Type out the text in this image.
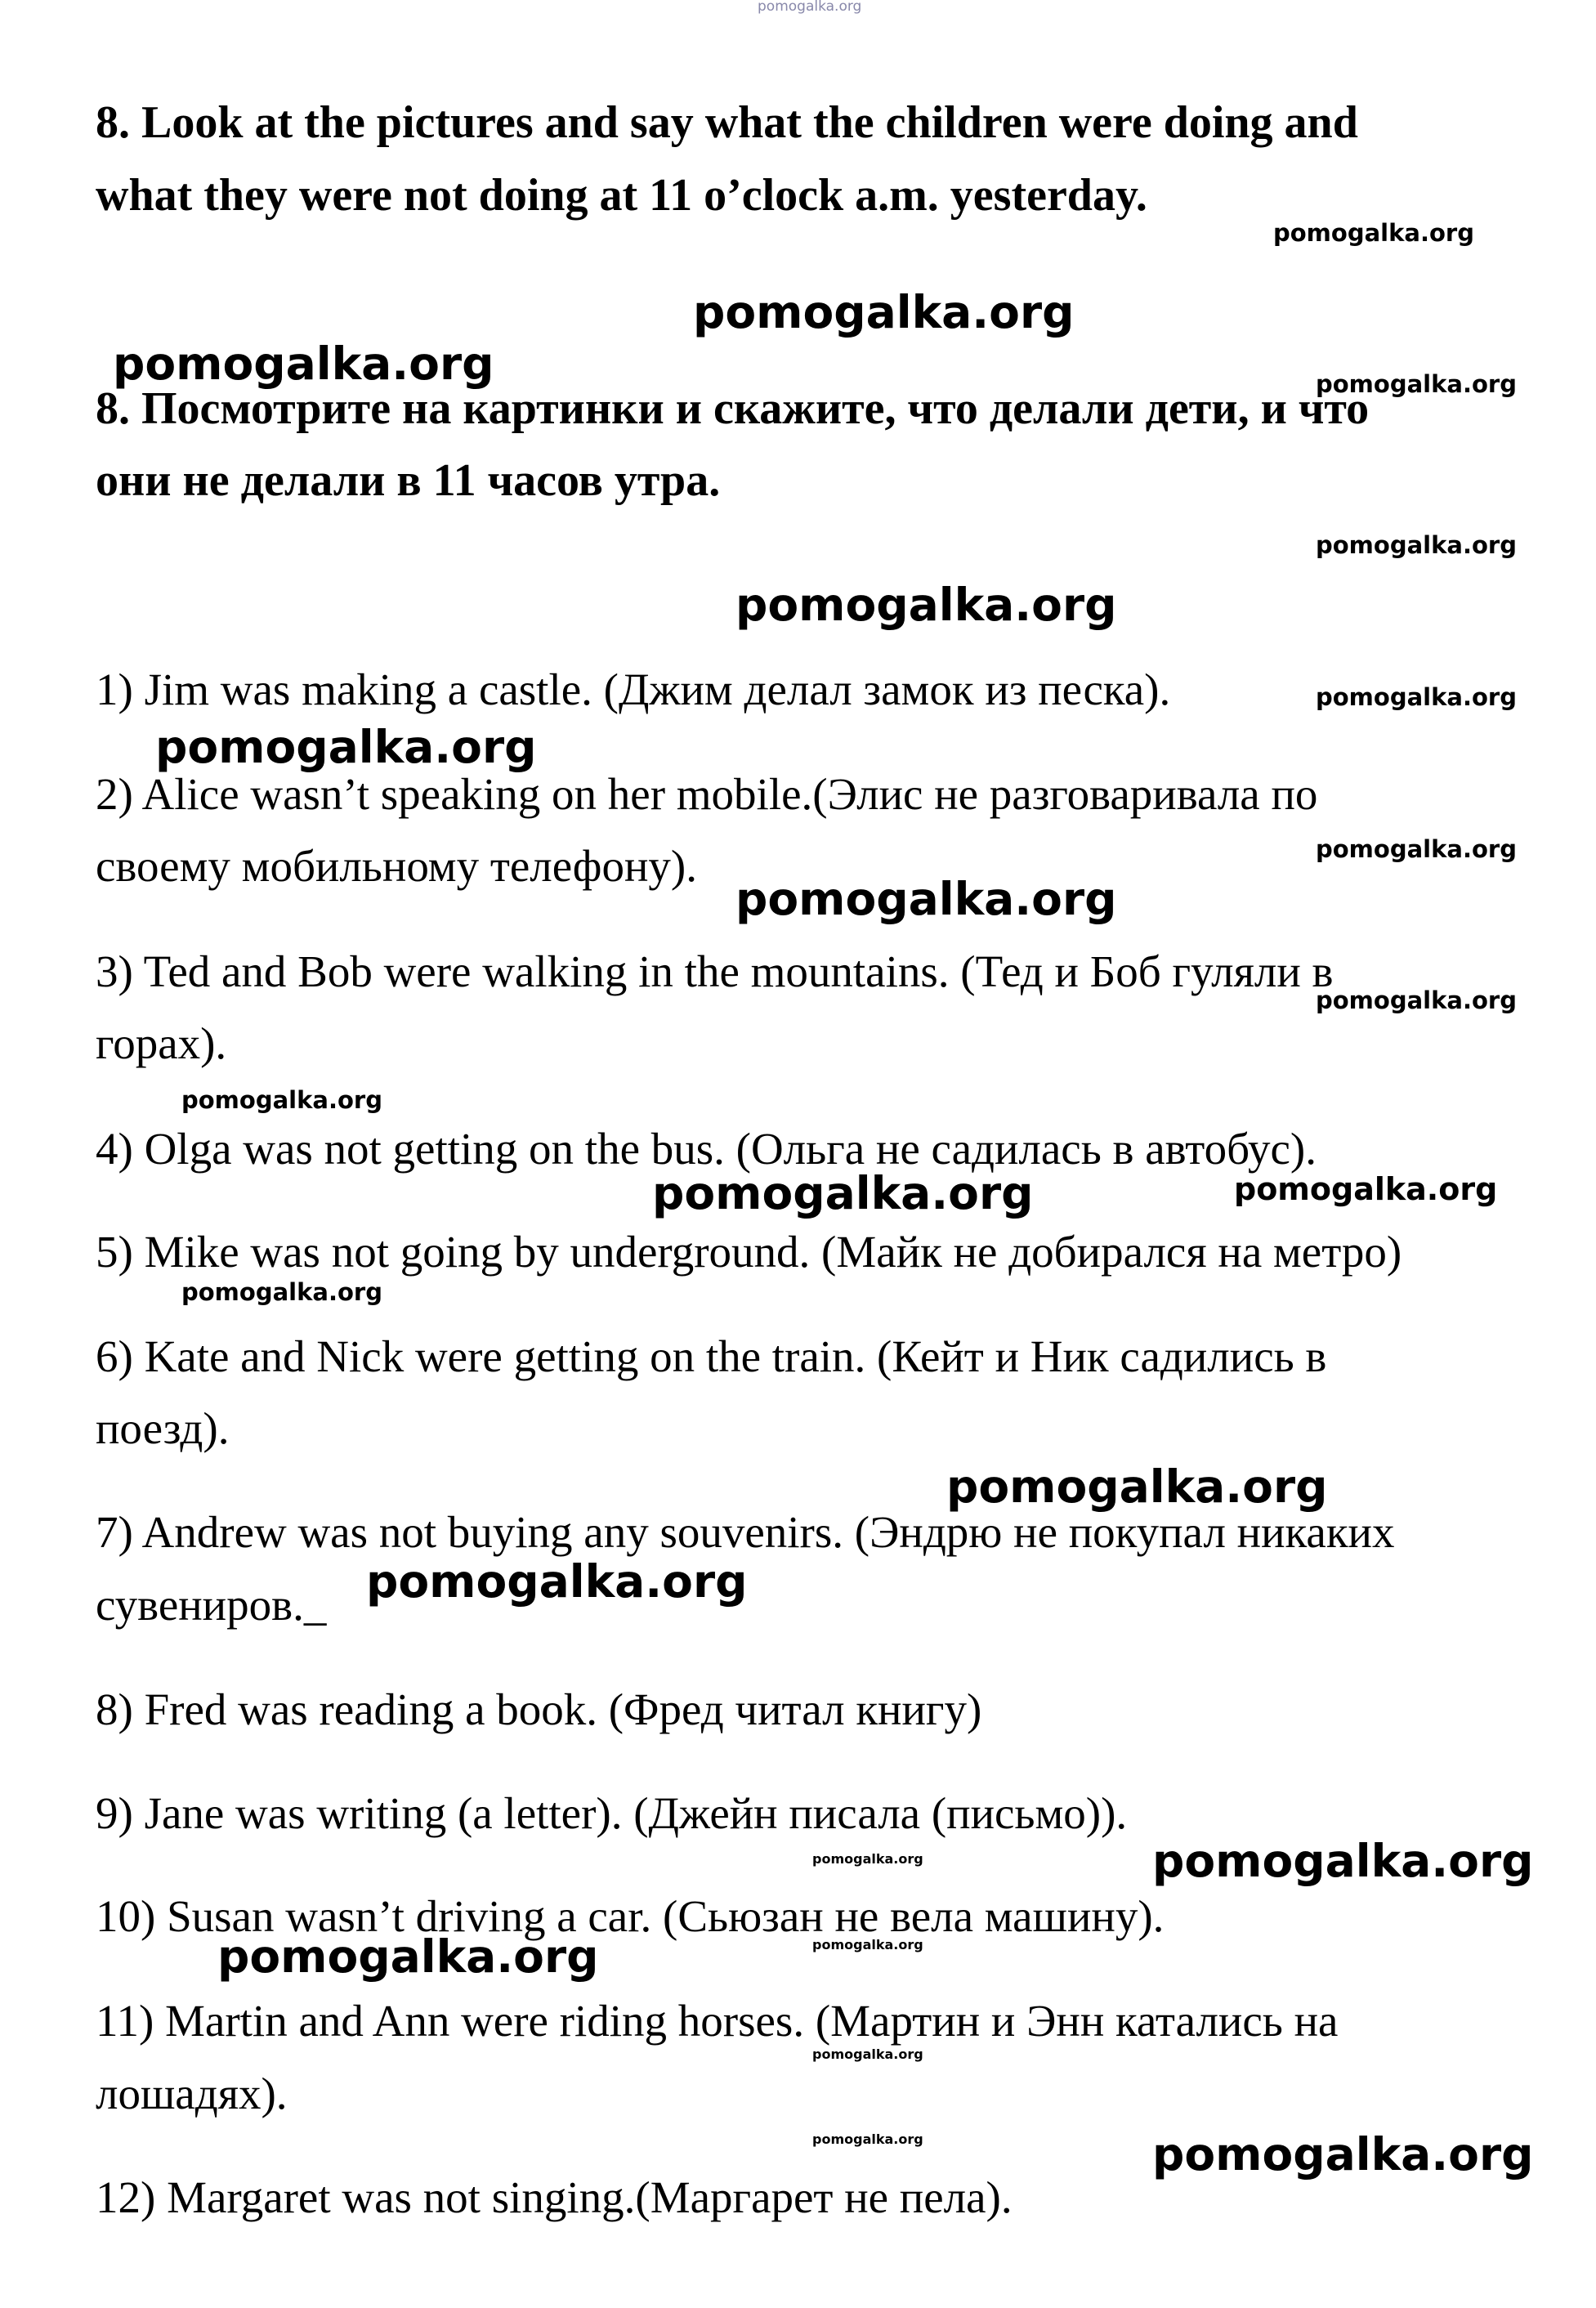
8. Look at the pictures and say what the children were doing and

what they were not doing at 11 o’clock a.m. yesterday.

8. Посмотрите на картинки и скажите, что делали дети, и что

они не делали в 11 часов утра.

1) Jim was making a castle. (Джим делал замок из песка).

2) Alice wasn’t speaking on her mobile.(Элис не разговаривала по

своему мобильному телефону).

3) Ted and Bob were walking in the mountains. (Тед и Боб гуляли в

горах).

4) Olga was not getting on the bus. (Ольга не садилась в автобус).

5) Mike was not going by underground. (Майк не добирался на метро)

6) Kate and Nick were getting on the train. (Кейт и Ник садились в

поезд).

7) Andrew was not buying any souvenirs. (Эндрю не покупал никаких

сувениров._

8) Fred was reading a book. (Фред читал книгу)

9) Jane was writing (a letter). (Джейн писала (письмо)).

10) Susan wasn’t driving a car. (Сьюзан не вела машину).

11) Martin and Ann were riding horses. (Мартин и Энн катались на

лошадях).

12) Margaret was not singing.(Маргарет не пела).

pomogalka.org
pomogalka.org
pomogalka.org
pomogalka.org	pomogalka.org
pomogalka.org
pomogalka.org
pomogalka.org
pomogalka.org
pomogalka.org
pomogalka.org
pomogalka.org
pomogalka.org
pomogalka.org	pomogalka.org
pomogalka.org
pomogalka.org
pomogalka.org
pomogalka.org	pomogalka.org
pomogalka.org
pomogalka.org
pomogalka.org
pomogalka.org	pomogalka.org
